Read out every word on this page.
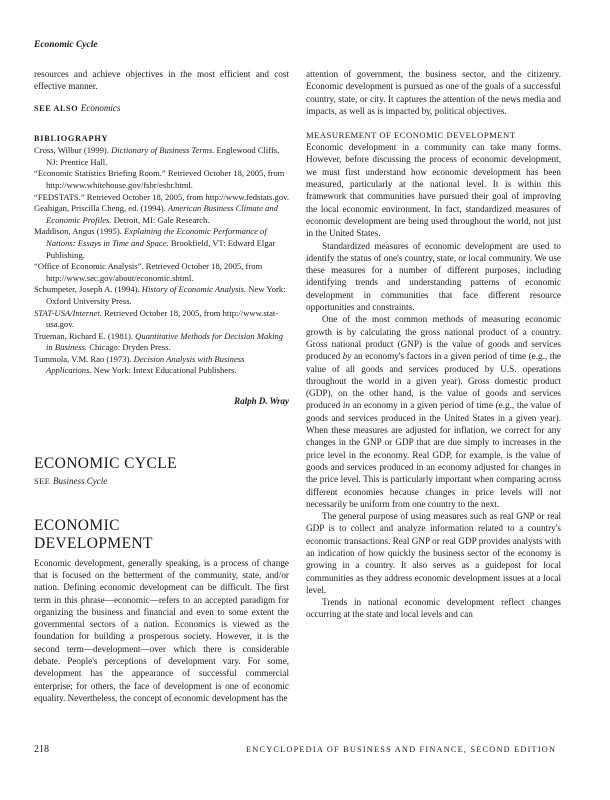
Economic Cycle

resources and achieve objectives in the most efficient and cost effective manner.

SEE ALSO Economics
BIBLIOGRAPHY
Cross, Wilbur (1999). Dictionary of Business Terms. Englewood Cliffs, NJ: Prentice Hall.
“Economic Statistics Briefing Room.” Retrieved October 18, 2005, from http://www.whitehouse.gov/fsbr/esbr.html.
“FEDSTATS.” Retrieved October 18, 2005, from http://www.fedstats.gov.
Geahigan, Priscilla Cheng, ed. (1994). American Business Climate and Economic Profiles. Detroit, MI: Gale Research.
Maddison, Angus (1995). Explaining the Economic Performance of Nations: Essays in Time and Space. Brookfield, VT: Edward Elgar Publishing.
“Office of Economic Analysis”. Retrieved October 18, 2005, from http://www.sec.gov/about/economic.shtml.
Schumpeter, Joseph A. (1994). History of Economic Analysis. New York: Oxford University Press.
STAT-USA/Internet. Retrieved October 18, 2005, from http://www.stat-usa.gov.
Trueman, Richard E. (1981). Quantitative Methods for Decision Making in Business. Chicago: Dryden Press.
Tummola, V.M. Rao (1973). Decision Analysis with Business Applications. New York: Intext Educational Publishers.
Ralph D. Wray
ECONOMIC CYCLE
SEE Business Cycle
ECONOMIC
DEVELOPMENT

Economic development, generally speaking, is a process of change that is focused on the betterment of the community, state, and/or nation. Defining economic development can be difficult. The first term in this phrase—economic—refers to an accepted paradigm for organizing the business and financial and even to some extent the governmental sectors of a nation. Economics is viewed as the foundation for building a prosperous society. However, it is the second term—development—over which there is considerable debate. People's perceptions of development vary. For some, development has the appearance of successful commercial enterprise; for others, the face of development is one of economic equality. Nevertheless, the concept of economic development has the

attention of government, the business sector, and the citizenry. Economic development is pursued as one of the goals of a successful country, state, or city. It captures the attention of the news media and impacts, as well as is impacted by, political objectives.

MEASUREMENT OF ECONOMIC DEVELOPMENT

Economic development in a community can take many forms. However, before discussing the process of economic development, we must first understand how economic development has been measured, particularly at the national level. It is within this framework that communities have pursued their goal of improving the local economic environment. In fact, standardized measures of economic development are being used throughout the world, not just in the United States.

Standardized measures of economic development are used to identify the status of one's country, state, or local community. We use these measures for a number of different purposes, including identifying trends and understanding patterns of economic development in communities that face different resource opportunities and constraints.

One of the most common methods of measuring economic growth is by calculating the gross national product of a country. Gross national product (GNP) is the value of goods and services produced by an economy's factors in a given period of time (e.g., the value of all goods and services produced by U.S. operations throughout the world in a given year). Gross domestic product (GDP), on the other hand, is the value of goods and services produced in an economy in a given period of time (e.g., the value of goods and services produced in the United States in a given year). When these measures are adjusted for inflation, we correct for any changes in the GNP or GDP that are due simply to increases in the price level in the economy. Real GDP, for example, is the value of goods and services produced in an economy adjusted for changes in the price level. This is particularly important when comparing across different economies because changes in price levels will not necessarily be uniform from one country to the next.

The general purpose of using measures such as real GNP or real GDP is to collect and analyze information related to a country's economic transactions. Real GNP or real GDP provides analysts with an indication of how quickly the business sector of the economy is growing in a country. It also serves as a guidepost for local communities as they address economic development issues at a local level.

Trends in national economic development reflect changes occurring at the state and local levels and can

218	ENCYCLOPEDIA OF BUSINESS AND FINANCE, SECOND EDITION
